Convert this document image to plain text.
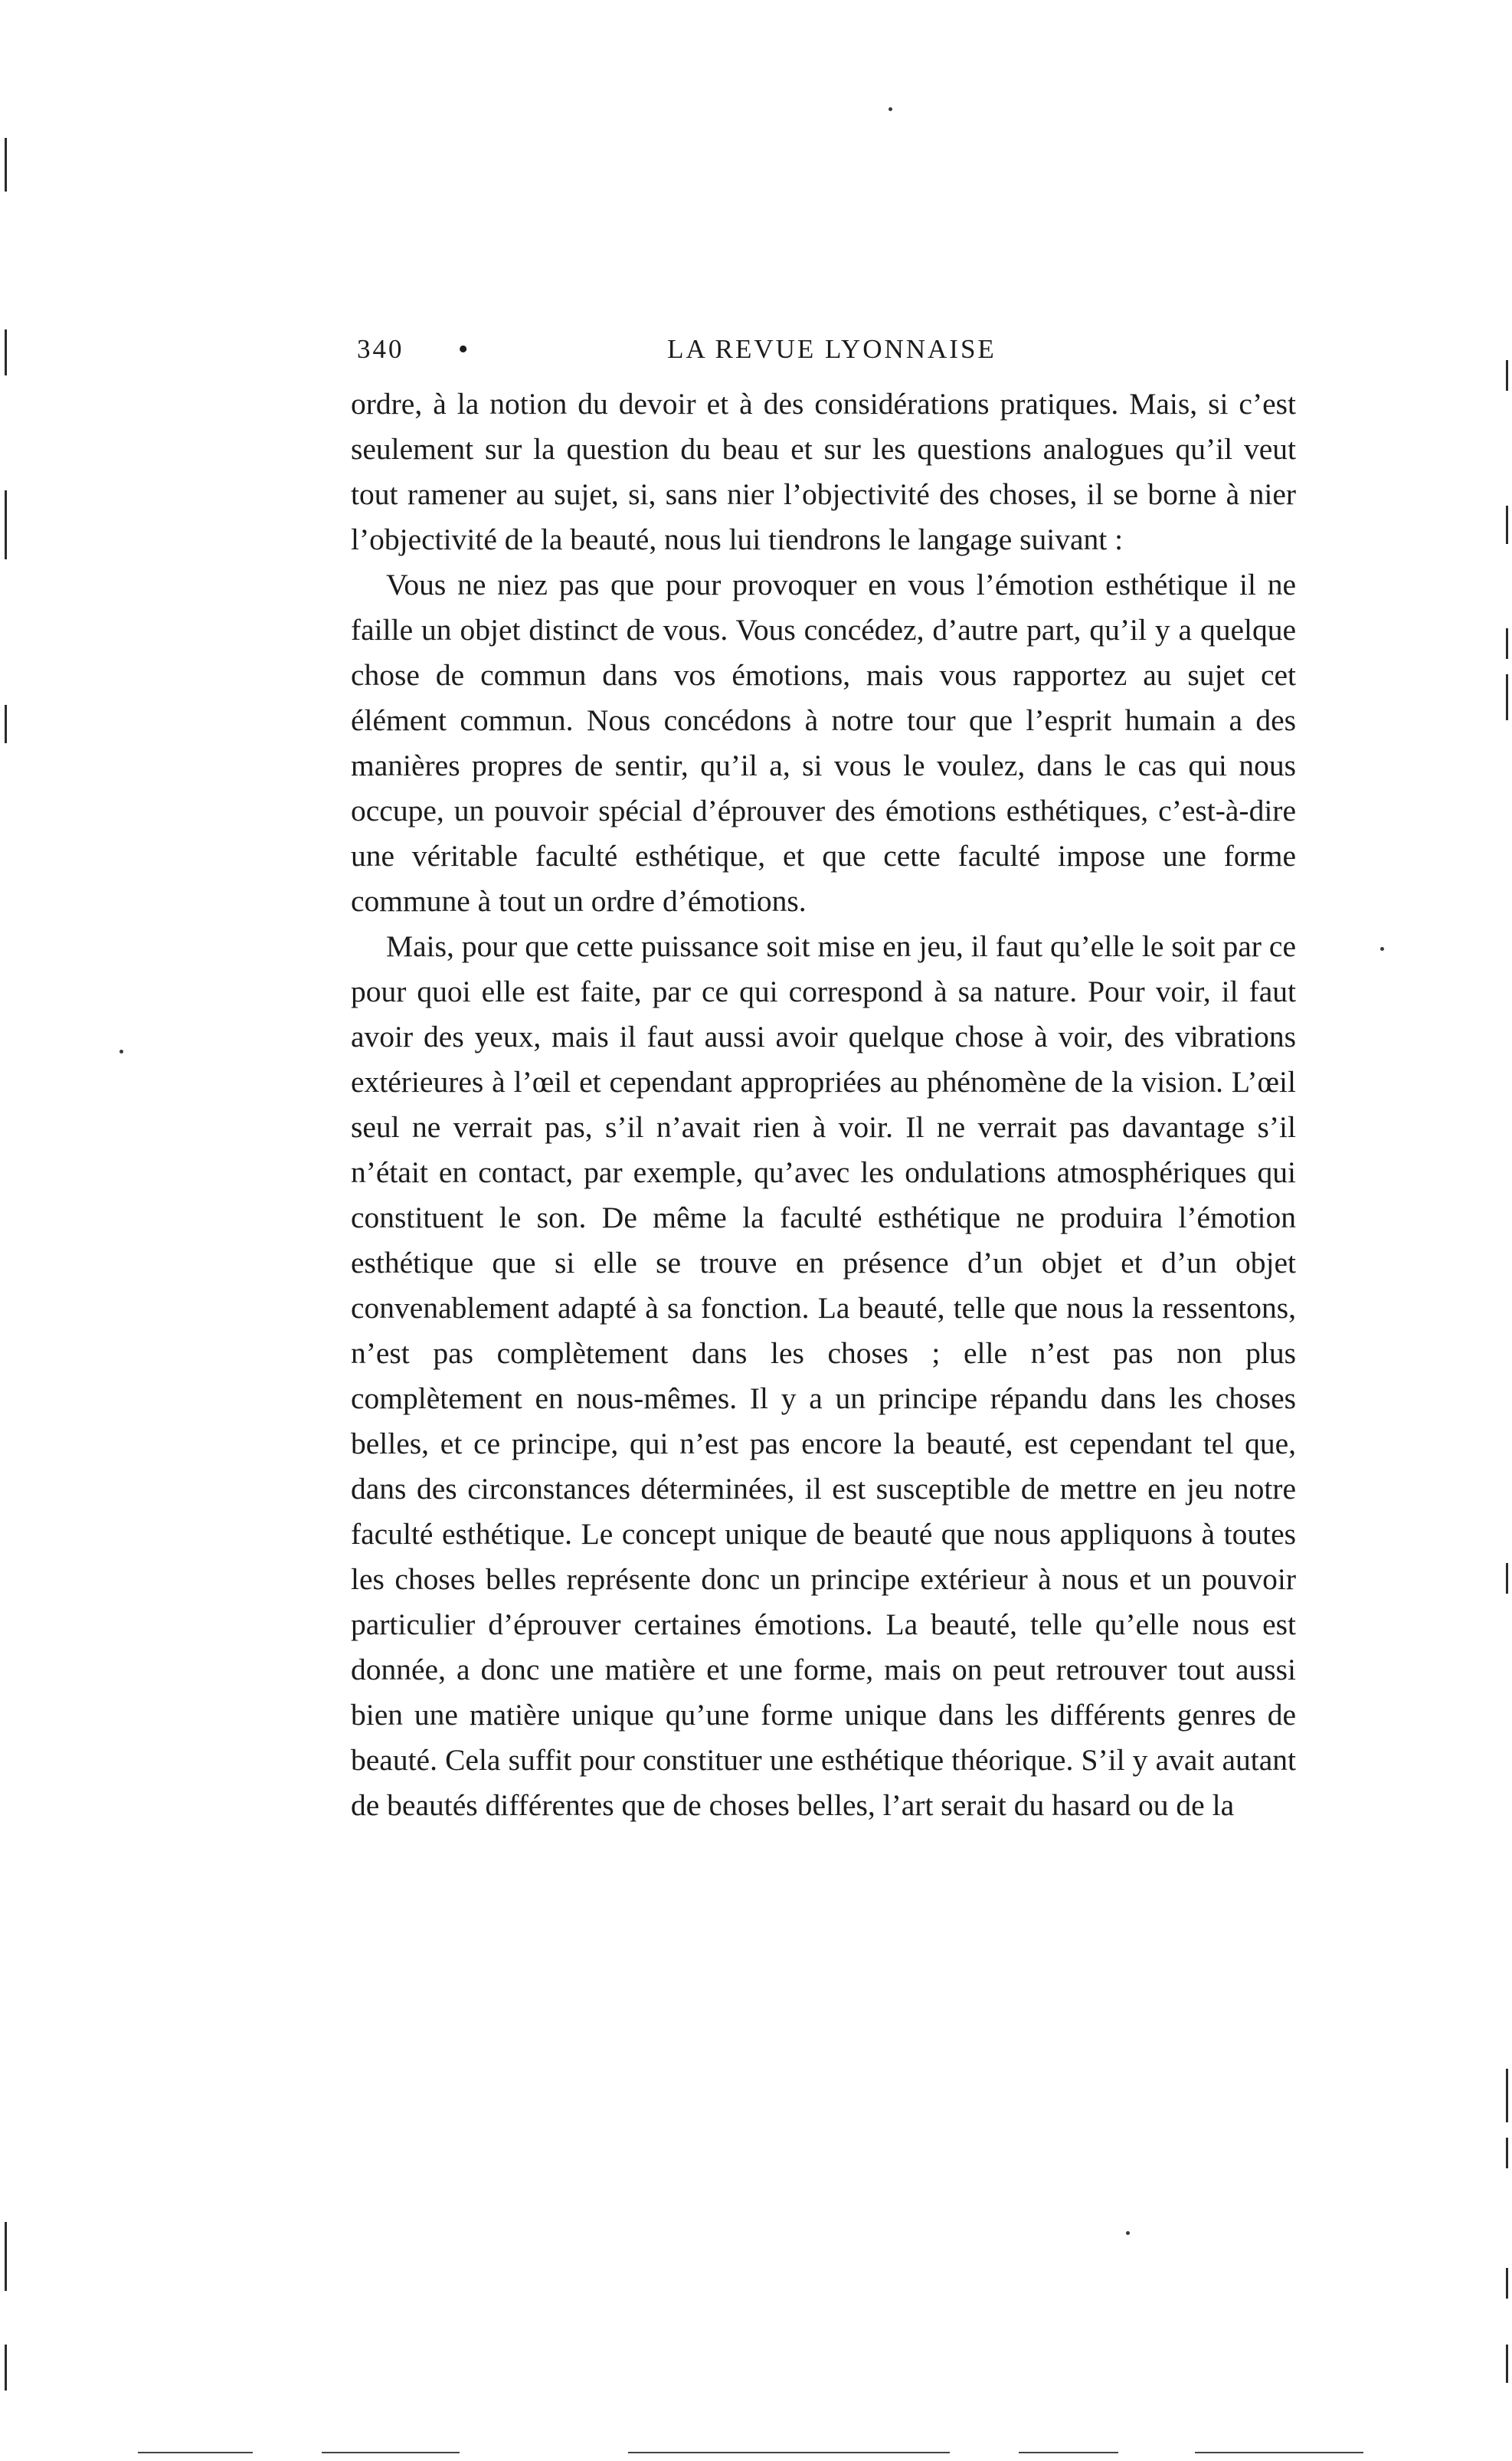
340 •	LA REVUE LYONNAISE

ordre, à la notion du devoir et à des considérations pratiques. Mais, si c’est seulement sur la question du beau et sur les questions analogues qu’il veut tout ramener au sujet, si, sans nier l’objectivité des choses, il se borne à nier l’objectivité de la beauté, nous lui tiendrons le langage suivant :

Vous ne niez pas que pour provoquer en vous l’émotion esthétique il ne faille un objet distinct de vous. Vous concédez, d’autre part, qu’il y a quelque chose de commun dans vos émotions, mais vous rapportez au sujet cet élément commun. Nous concédons à notre tour que l’esprit humain a des manières propres de sentir, qu’il a, si vous le voulez, dans le cas qui nous occupe, un pouvoir spécial d’éprouver des émotions esthétiques, c’est-à-dire une véritable faculté esthétique, et que cette faculté impose une forme commune à tout un ordre d’émotions.

Mais, pour que cette puissance soit mise en jeu, il faut qu’elle le soit par ce pour quoi elle est faite, par ce qui correspond à sa nature. Pour voir, il faut avoir des yeux, mais il faut aussi avoir quelque chose à voir, des vibrations extérieures à l’œil et cependant appropriées au phénomène de la vision. L’œil seul ne verrait pas, s’il n’avait rien à voir. Il ne verrait pas davantage s’il n’était en contact, par exemple, qu’avec les ondulations atmosphériques qui constituent le son. De même la faculté esthétique ne produira l’émotion esthétique que si elle se trouve en présence d’un objet et d’un objet convenablement adapté à sa fonction. La beauté, telle que nous la ressentons, n’est pas complètement dans les choses ; elle n’est pas non plus complètement en nous-mêmes. Il y a un principe répandu dans les choses belles, et ce principe, qui n’est pas encore la beauté, est cependant tel que, dans des circonstances déterminées, il est susceptible de mettre en jeu notre faculté esthétique. Le concept unique de beauté que nous appliquons à toutes les choses belles représente donc un principe extérieur à nous et un pouvoir particulier d’éprouver certaines émotions. La beauté, telle qu’elle nous est donnée, a donc une matière et une forme, mais on peut retrouver tout aussi bien une matière unique qu’une forme unique dans les différents genres de beauté. Cela suffit pour constituer une esthétique théorique. S’il y avait autant de beautés différentes que de choses belles, l’art serait du hasard ou de la
